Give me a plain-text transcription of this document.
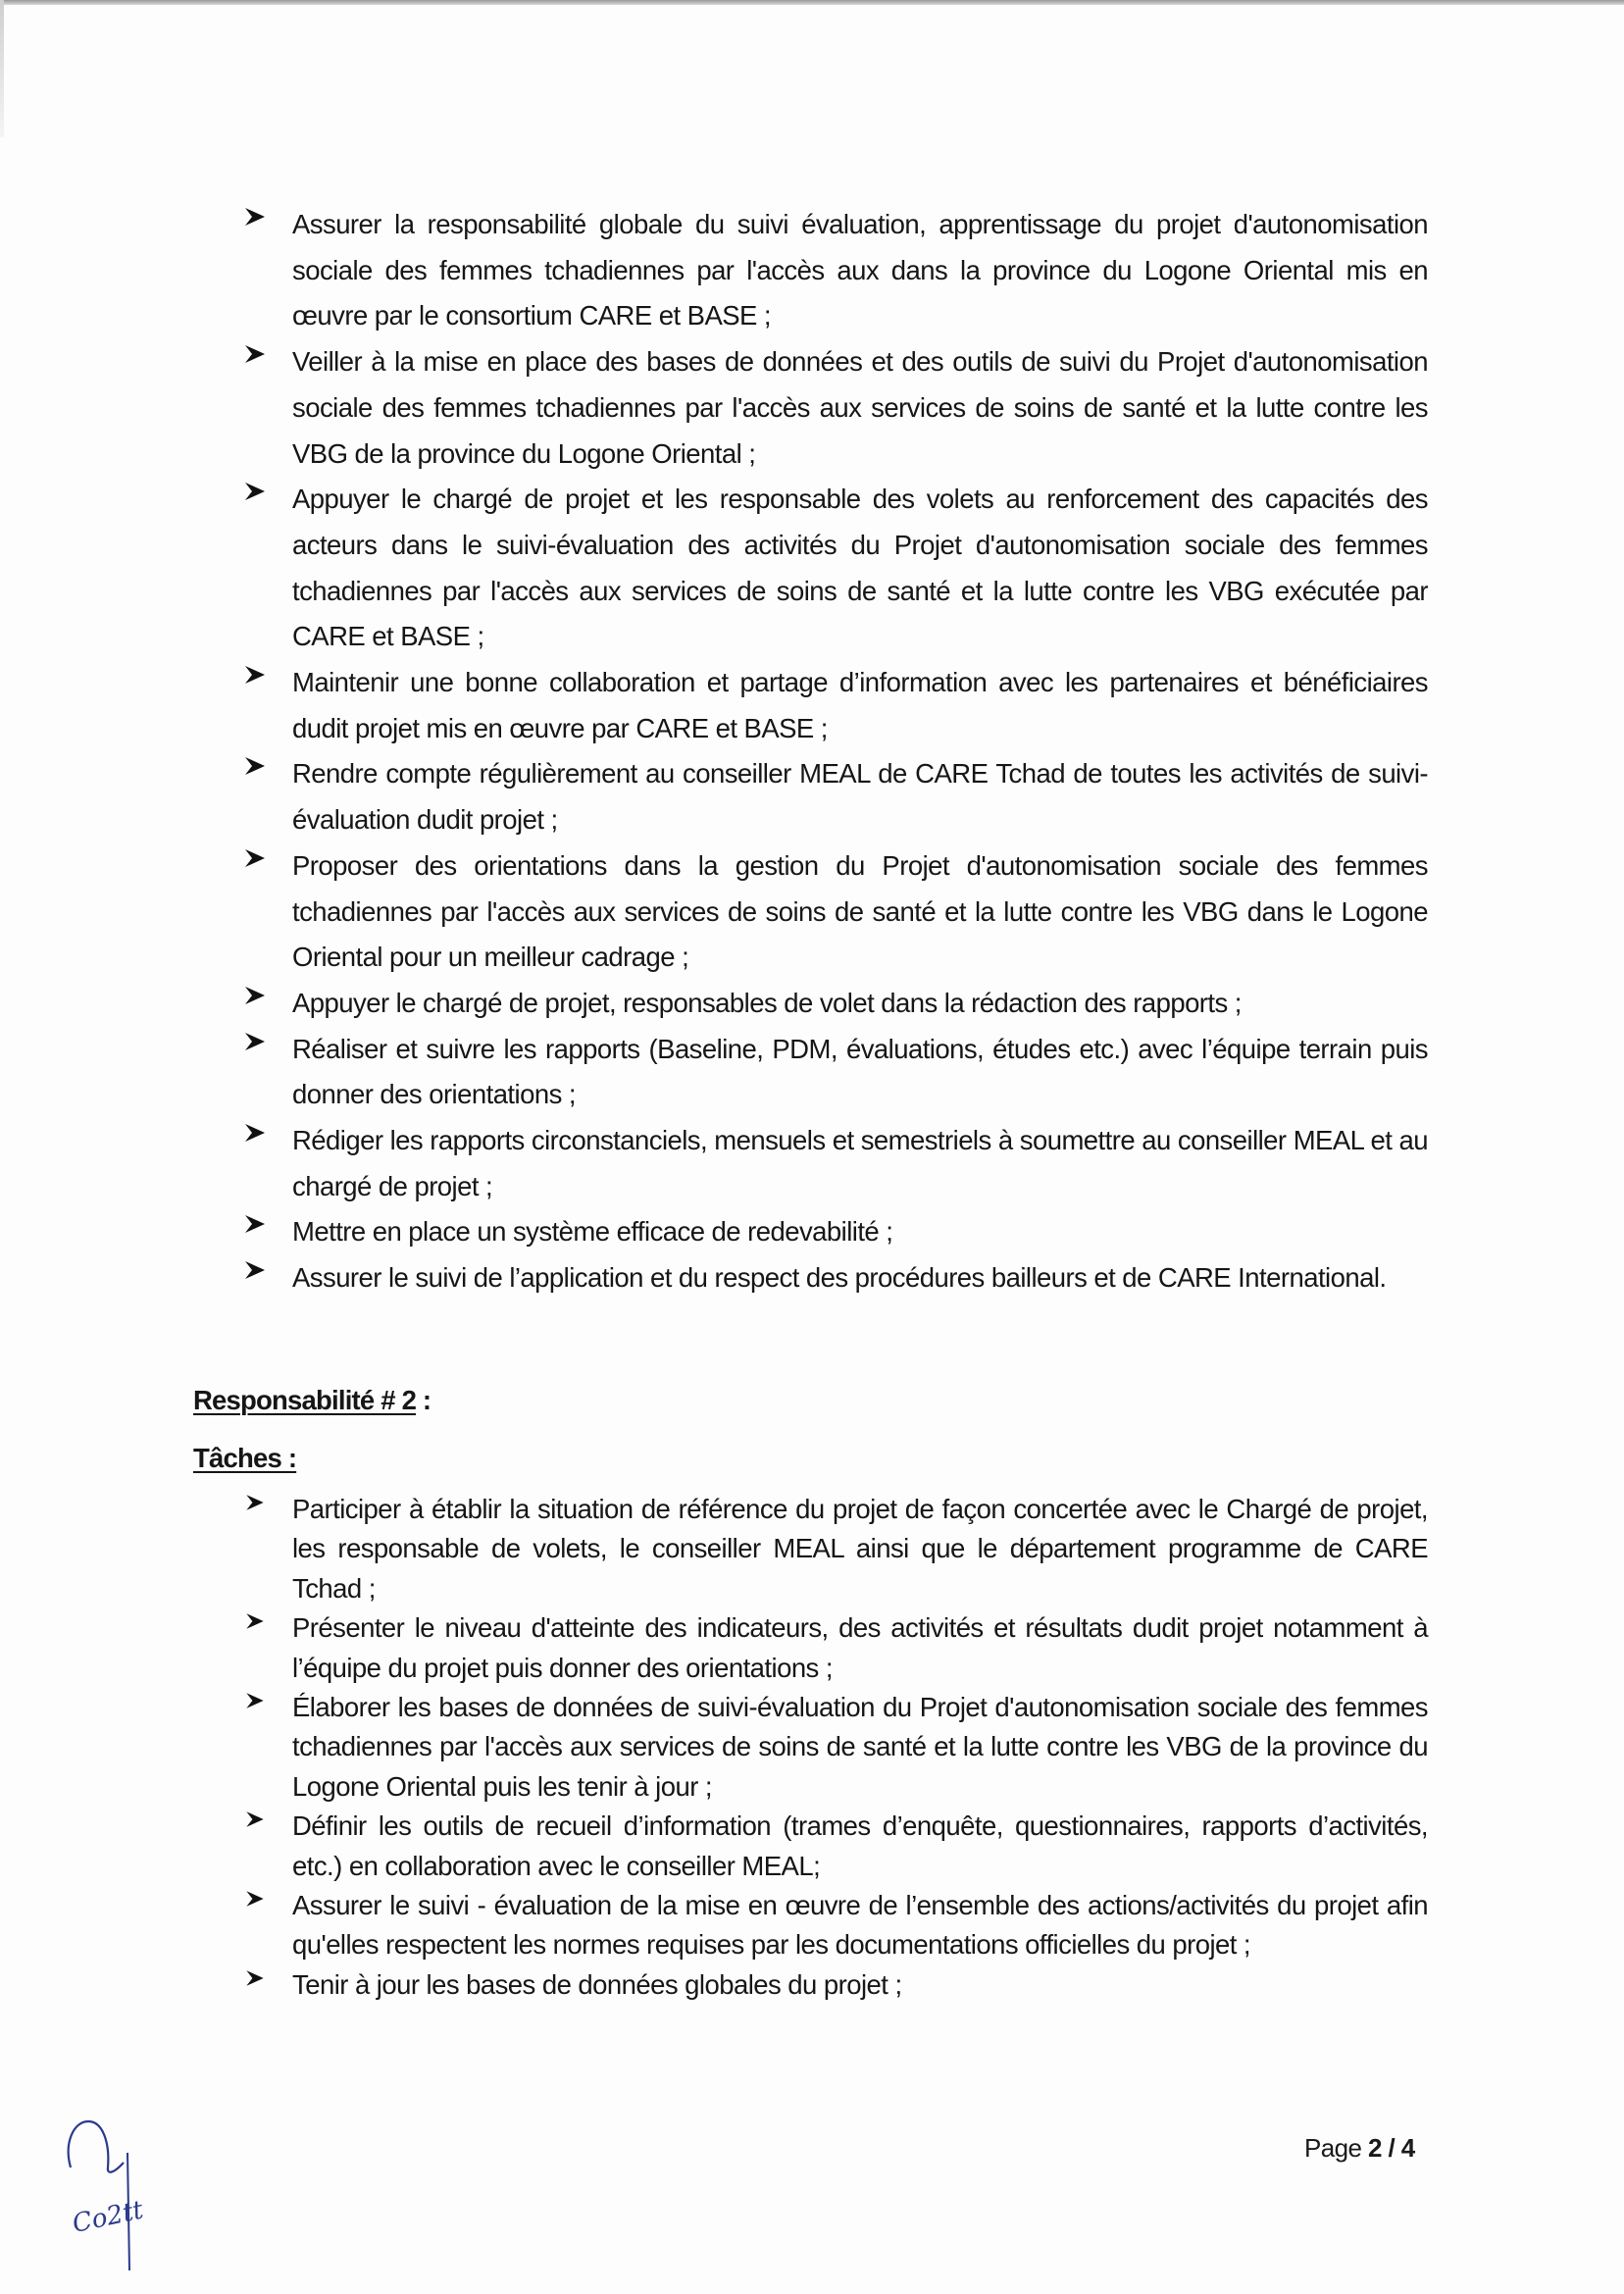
Assurer la responsabilité globale du suivi évaluation, apprentissage du projet d'autonomisation sociale des femmes tchadiennes par l'accès aux dans la province du Logone Oriental mis en œuvre par le consortium CARE et BASE ;
Veiller à la mise en place des bases de données et des outils de suivi du Projet d'autonomisation sociale des femmes tchadiennes par l'accès aux services de soins de santé et la lutte contre les VBG de la province du Logone Oriental ;
Appuyer le chargé de projet et les responsable des volets au renforcement des capacités des acteurs dans le suivi-évaluation des activités du Projet d'autonomisation sociale des femmes tchadiennes par l'accès aux services de soins de santé et la lutte contre les VBG exécutée par CARE et BASE ;
Maintenir une bonne collaboration et partage d’information avec les partenaires et bénéficiaires dudit projet mis en œuvre par CARE et BASE ;
Rendre compte régulièrement au conseiller MEAL de CARE Tchad de toutes les activités de suivi-évaluation dudit projet ;
Proposer des orientations dans la gestion du Projet d'autonomisation sociale des femmes tchadiennes par l'accès aux services de soins de santé et la lutte contre les VBG dans le Logone Oriental pour un meilleur cadrage ;
Appuyer le chargé de projet, responsables de volet dans la rédaction des rapports ;
Réaliser et suivre les rapports (Baseline, PDM, évaluations, études etc.) avec l’équipe terrain puis donner des orientations ;
Rédiger les rapports circonstanciels, mensuels et semestriels à soumettre au conseiller MEAL et au chargé de projet ;
Mettre en place un système efficace de redevabilité ;
Assurer le suivi de l’application et du respect des procédures bailleurs et de CARE International.
Responsabilité # 2 :
Tâches :
Participer à établir la situation de référence du projet de façon concertée avec le Chargé de projet, les responsable de volets, le conseiller MEAL ainsi que le département programme de CARE Tchad ;
Présenter le niveau d'atteinte des indicateurs, des activités et résultats dudit projet notamment à l’équipe du projet puis donner des orientations ;
Élaborer les bases de données de suivi-évaluation du Projet d'autonomisation sociale des femmes tchadiennes par l'accès aux services de soins de santé et la lutte contre les VBG de la province du Logone Oriental puis les tenir à jour ;
Définir les outils de recueil d’information (trames d’enquête, questionnaires, rapports d’activités, etc.) en collaboration avec le conseiller MEAL;
Assurer le suivi - évaluation de la mise en œuvre de l’ensemble des actions/activités du projet afin qu'elles respectent les normes requises par les documentations officielles du projet ;
Tenir à jour les bases de données globales du projet ;
Page 2 / 4
Co2tt
